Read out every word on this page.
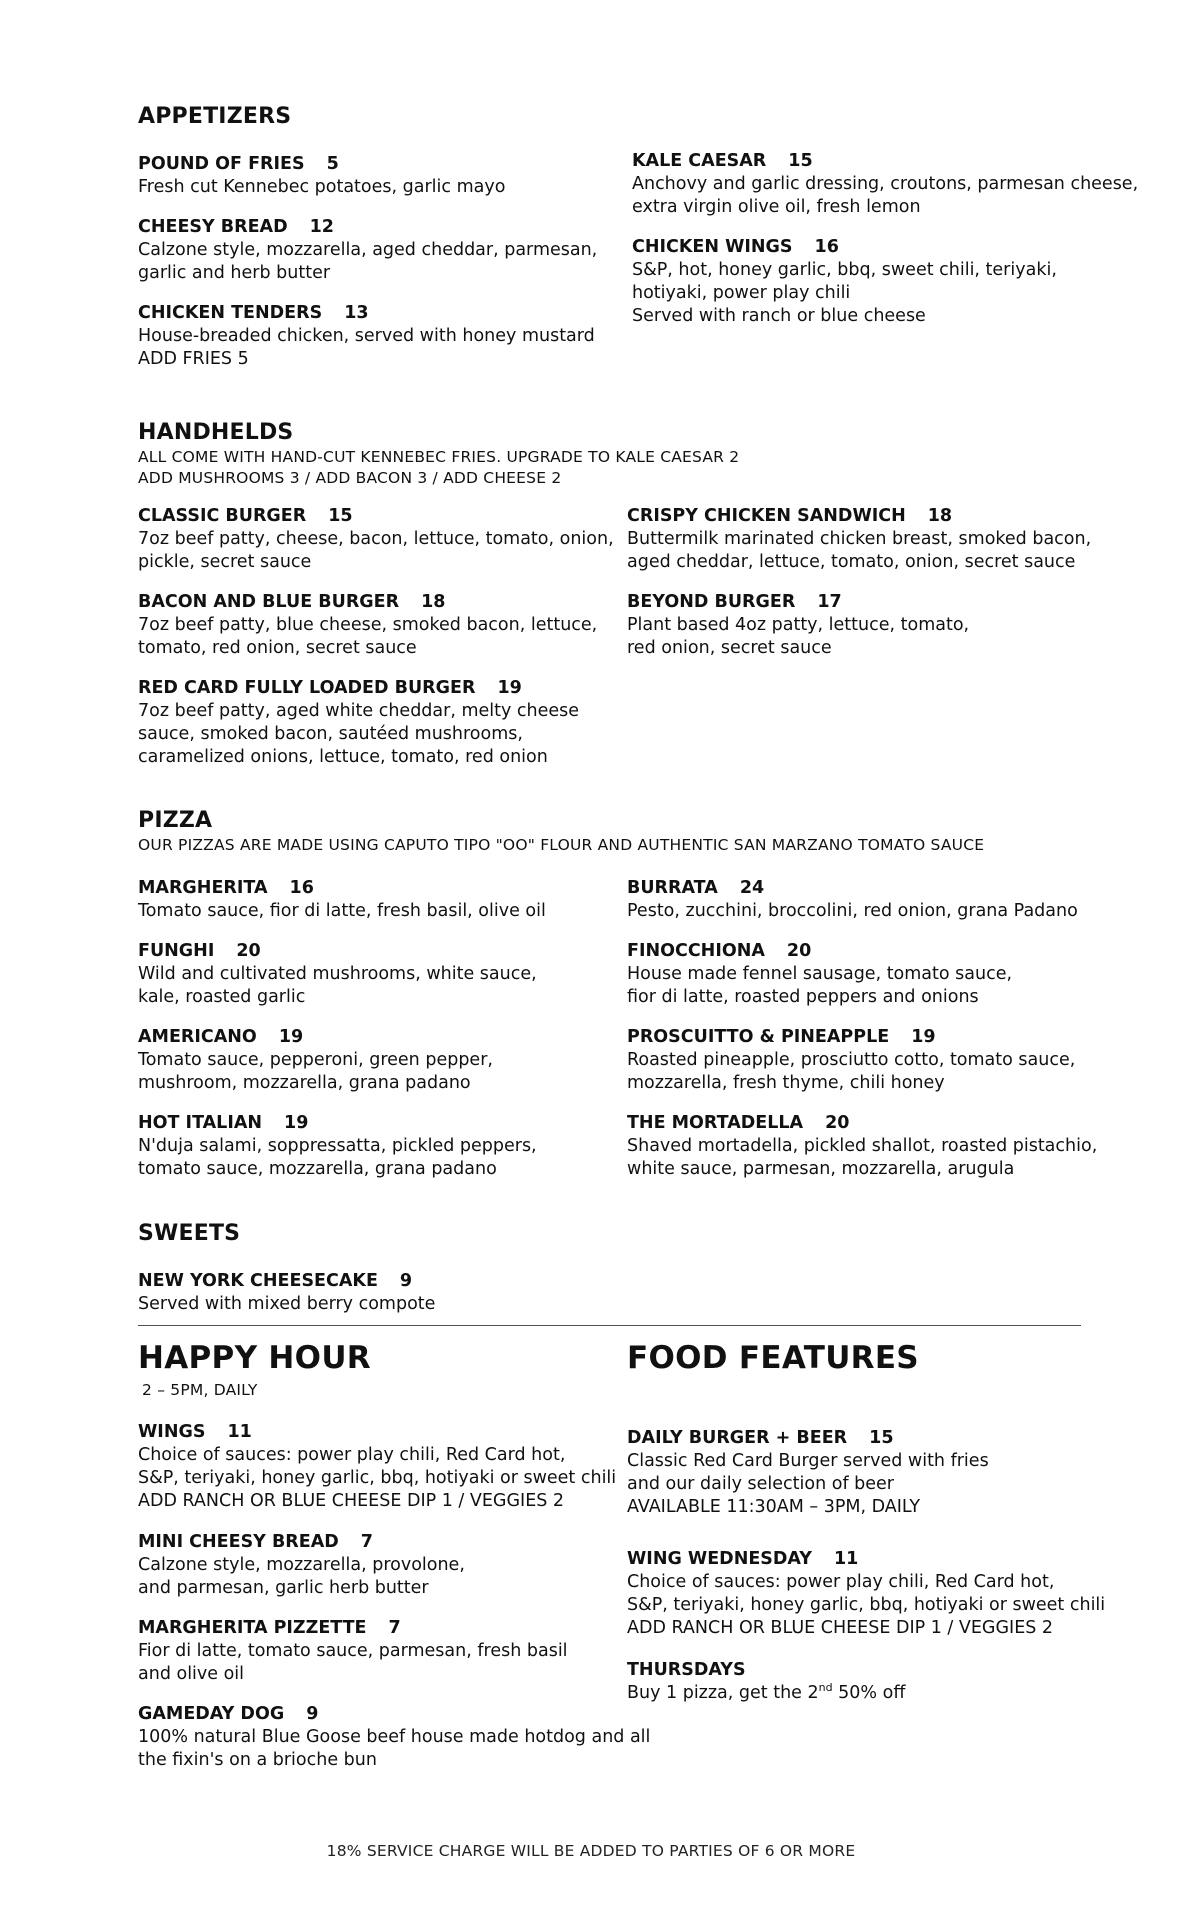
APPETIZERS
POUND OF FRIES 5
Fresh cut Kennebec potatoes, garlic mayo
CHEESY BREAD 12
Calzone style, mozzarella, aged cheddar, parmesan,
garlic and herb butter
CHICKEN TENDERS 13
House-breaded chicken, served with honey mustard
ADD FRIES 5
KALE CAESAR 15
Anchovy and garlic dressing, croutons, parmesan cheese,
extra virgin olive oil, fresh lemon
CHICKEN WINGS 16
S&P, hot, honey garlic, bbq, sweet chili, teriyaki,
hotiyaki, power play chili
Served with ranch or blue cheese
HANDHELDS
ALL COME WITH HAND-CUT KENNEBEC FRIES. UPGRADE TO KALE CAESAR 2
ADD MUSHROOMS 3 / ADD BACON 3 / ADD CHEESE 2
CLASSIC BURGER 15
7oz beef patty, cheese, bacon, lettuce, tomato, onion,
pickle, secret sauce
BACON AND BLUE BURGER 18
7oz beef patty, blue cheese, smoked bacon, lettuce,
tomato, red onion, secret sauce
RED CARD FULLY LOADED BURGER 19
7oz beef patty, aged white cheddar, melty cheese
sauce, smoked bacon, sautéed mushrooms,
caramelized onions, lettuce, tomato, red onion
CRISPY CHICKEN SANDWICH 18
Buttermilk marinated chicken breast, smoked bacon,
aged cheddar, lettuce, tomato, onion, secret sauce
BEYOND BURGER 17
Plant based 4oz patty, lettuce, tomato,
red onion, secret sauce
PIZZA
OUR PIZZAS ARE MADE USING CAPUTO TIPO "OO" FLOUR AND AUTHENTIC SAN MARZANO TOMATO SAUCE
MARGHERITA 16
Tomato sauce, fior di latte, fresh basil, olive oil
FUNGHI 20
Wild and cultivated mushrooms, white sauce,
kale, roasted garlic
AMERICANO 19
Tomato sauce, pepperoni, green pepper,
mushroom, mozzarella, grana padano
HOT ITALIAN 19
N'duja salami, soppressatta, pickled peppers,
tomato sauce, mozzarella, grana padano
BURRATA 24
Pesto, zucchini, broccolini, red onion, grana Padano
FINOCCHIONA 20
House made fennel sausage, tomato sauce,
fior di latte, roasted peppers and onions
PROSCUITTO & PINEAPPLE 19
Roasted pineapple, prosciutto cotto, tomato sauce,
mozzarella, fresh thyme, chili honey
THE MORTADELLA 20
Shaved mortadella, pickled shallot, roasted pistachio,
white sauce, parmesan, mozzarella, arugula
SWEETS
NEW YORK CHEESECAKE 9
Served with mixed berry compote
HAPPY HOUR
2 – 5PM, DAILY
WINGS 11
Choice of sauces: power play chili, Red Card hot,
S&P, teriyaki, honey garlic, bbq, hotiyaki or sweet chili
ADD RANCH OR BLUE CHEESE DIP 1 / VEGGIES 2
MINI CHEESY BREAD 7
Calzone style, mozzarella, provolone,
and parmesan, garlic herb butter
MARGHERITA PIZZETTE 7
Fior di latte, tomato sauce, parmesan, fresh basil
and olive oil
GAMEDAY DOG 9
100% natural Blue Goose beef house made hotdog and all
the fixin's on a brioche bun
FOOD FEATURES
DAILY BURGER + BEER 15
Classic Red Card Burger served with fries
and our daily selection of beer
AVAILABLE 11:30AM – 3PM, DAILY
WING WEDNESDAY 11
Choice of sauces: power play chili, Red Card hot,
S&P, teriyaki, honey garlic, bbq, hotiyaki or sweet chili
ADD RANCH OR BLUE CHEESE DIP 1 / VEGGIES 2
THURSDAYS
Buy 1 pizza, get the 2nd 50% off
18% SERVICE CHARGE WILL BE ADDED TO PARTIES OF 6 OR MORE
